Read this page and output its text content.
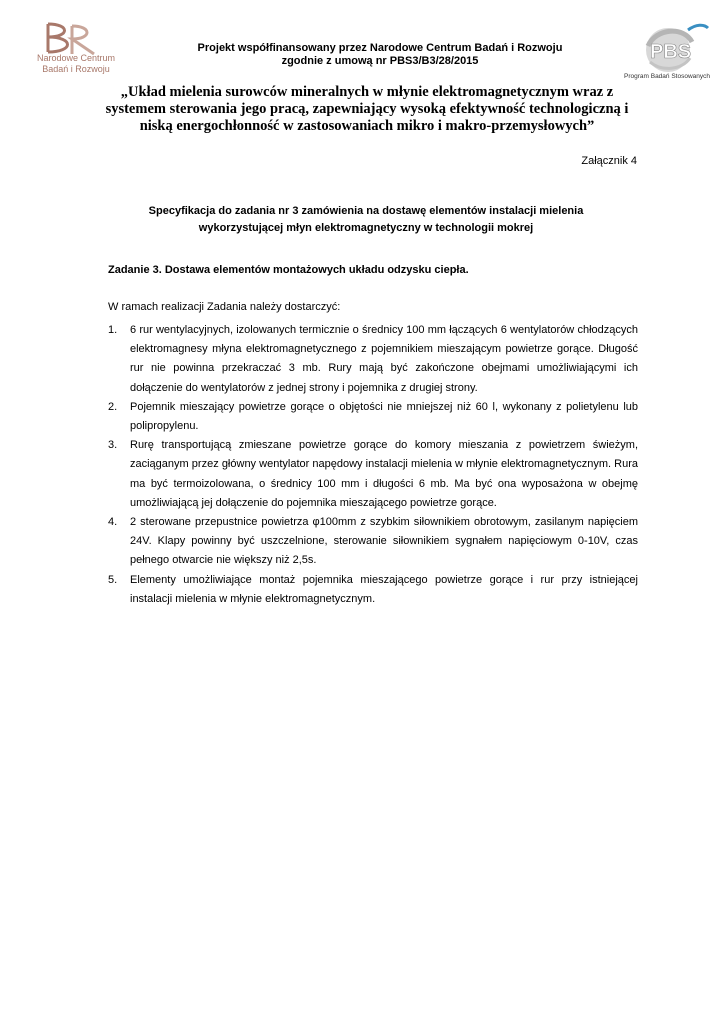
Narodowe Centrum
Badań i Rozwoju
PBS
Program Badań Stosowanych
Projekt współfinansowany przez Narodowe Centrum Badań i Rozwoju
zgodnie z umową nr PBS3/B3/28/2015
„Układ mielenia surowców mineralnych w młynie elektromagnetycznym wraz z
systemem sterowania jego pracą, zapewniający wysoką efektywność technologiczną i
niską energochłonność w zastosowaniach mikro i makro-przemysłowych”
Załącznik 4
Specyfikacja do zadania nr 3 zamówienia na dostawę elementów instalacji mielenia
wykorzystującej młyn elektromagnetyczny w technologii mokrej
Zadanie 3. Dostawa elementów montażowych układu odzysku ciepła.
W ramach realizacji Zadania należy dostarczyć:
1. 6 rur wentylacyjnych, izolowanych termicznie o średnicy 100 mm łączących 6 wentylatorów chłodzących elektromagnesy młyna elektromagnetycznego z pojemnikiem mieszającym powietrze gorące. Długość rur nie powinna przekraczać 3 mb. Rury mają być zakończone obejmami umożliwiającymi ich dołączenie do wentylatorów z jednej strony i pojemnika z drugiej strony.
2. Pojemnik mieszający powietrze gorące o objętości nie mniejszej niż 60 l, wykonany z polietylenu lub polipropylenu.
3. Rurę transportującą zmieszane powietrze gorące do komory mieszania z powietrzem świeżym, zaciąganym przez główny wentylator napędowy instalacji mielenia w młynie elektromagnetycznym. Rura ma być termoizolowana, o średnicy 100 mm i długości 6 mb. Ma być ona wyposażona w obejmę umożliwiającą jej dołączenie do pojemnika mieszającego powietrze gorące.
4. 2 sterowane przepustnice powietrza φ100mm z szybkim siłownikiem obrotowym, zasilanym napięciem 24V. Klapy powinny być uszczelnione, sterowanie siłownikiem sygnałem napięciowym 0-10V, czas pełnego otwarcie nie większy niż 2,5s.
5. Elementy umożliwiające montaż pojemnika mieszającego powietrze gorące i rur przy istniejącej instalacji mielenia w młynie elektromagnetycznym.
